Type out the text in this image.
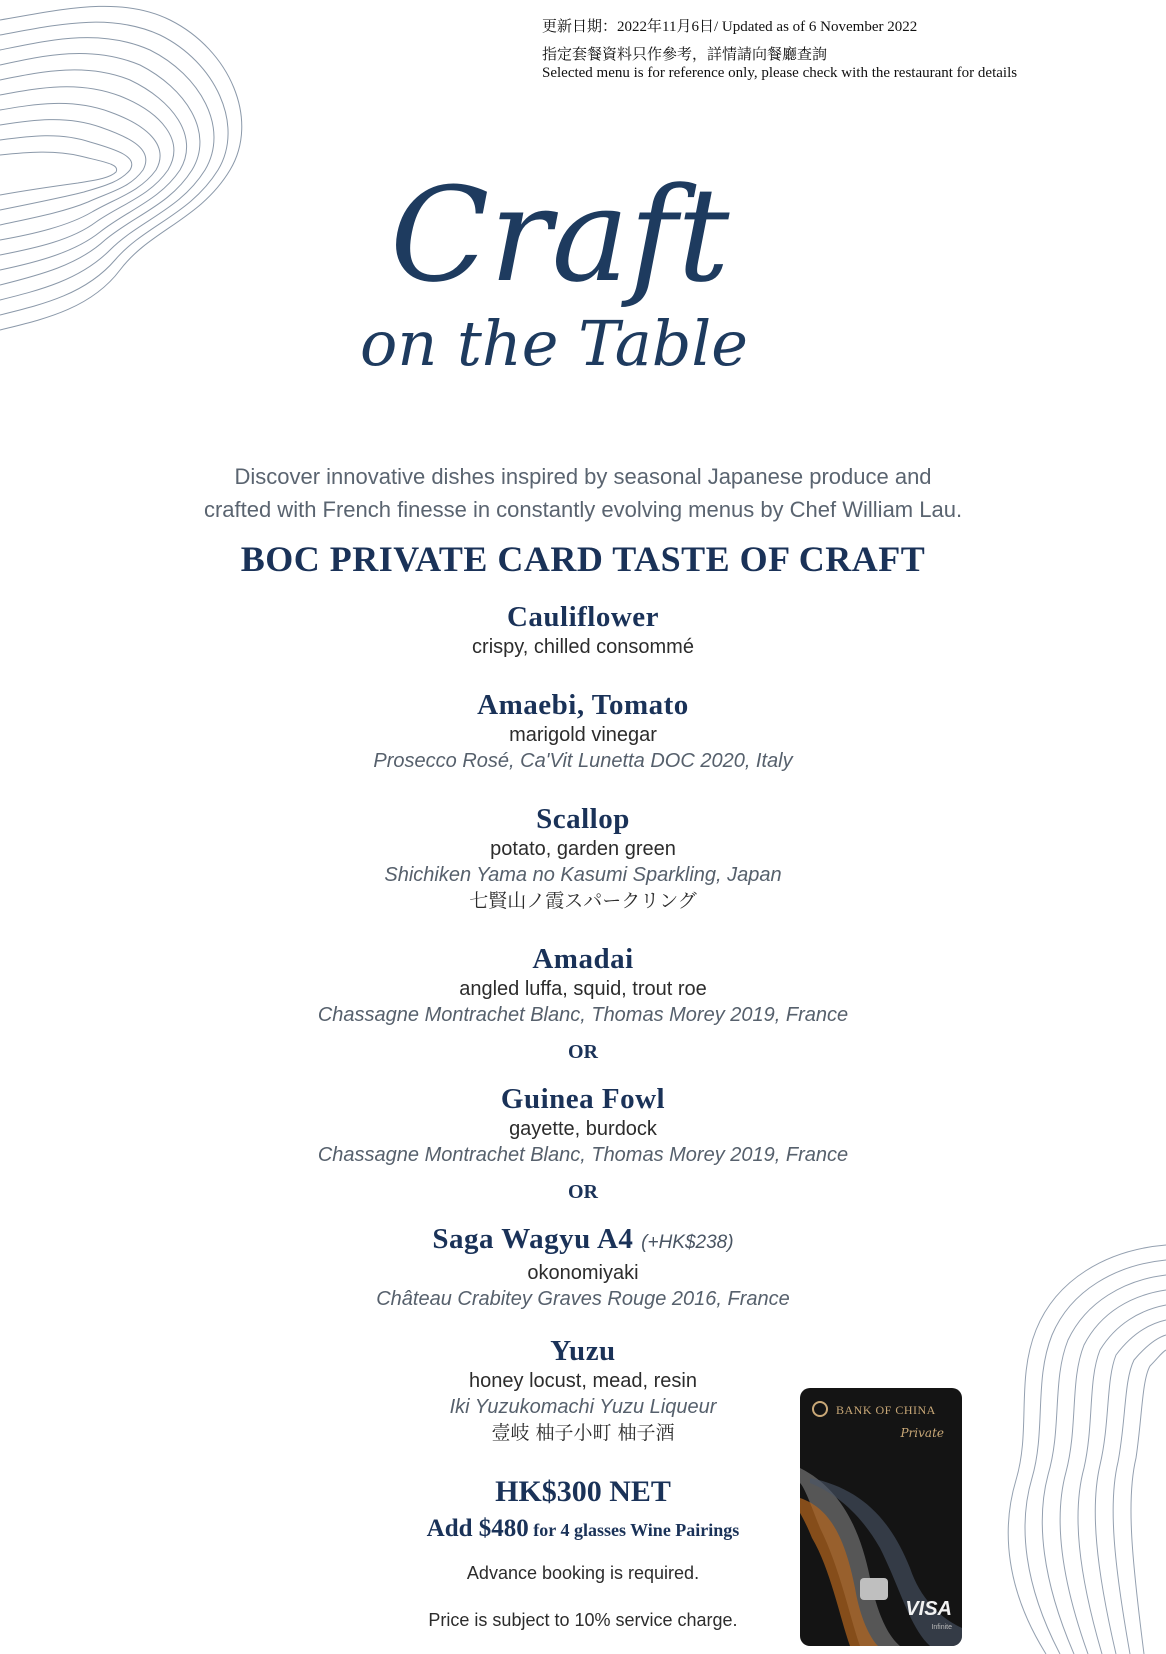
更新日期：2022年11月6日/ Updated as of 6 November 2022
指定套餐資料只作參考，詳情請向餐廳查詢
Selected menu is for reference only, please check with the restaurant for details
Craft
on the Table
Discover innovative dishes inspired by seasonal Japanese produce and
crafted with French finesse in constantly evolving menus by Chef William Lau.
BOC PRIVATE CARD TASTE OF CRAFT
Cauliflower
crispy, chilled consommé
Amaebi, Tomato
marigold vinegar
Prosecco Rosé, Ca'Vit Lunetta DOC 2020, Italy
Scallop
potato, garden green
Shichiken Yama no Kasumi Sparkling, Japan
七賢山ノ霞スパークリング
Amadai
angled luffa, squid, trout roe
Chassagne Montrachet Blanc, Thomas Morey 2019, France
OR
Guinea Fowl
gayette, burdock
Chassagne Montrachet Blanc, Thomas Morey 2019, France
OR
Saga Wagyu A4 (+HK$238)
okonomiyaki
Château Crabitey Graves Rouge 2016, France
Yuzu
honey locust, mead, resin
Iki Yuzukomachi Yuzu Liqueur
壹岐 柚子小町 柚子酒
HK$300 NET
Add $480 for 4 glasses Wine Pairings
Advance booking is required.
Price is subject to 10% service charge.
BANK OF CHINA
Private
VISA
Infinite
